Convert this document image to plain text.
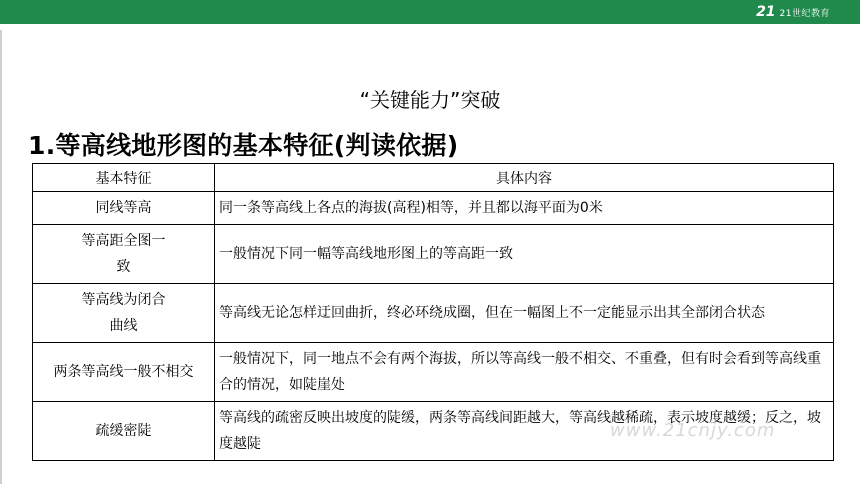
21 21世纪教育
“关键能力”突破
1.等高线地形图的基本特征(判读依据)
基本特征	具体内容
同线等高	同一条等高线上各点的海拔(高程)相等，并且都以海平面为0米
等高距全图一致	一般情况下同一幅等高线地形图上的等高距一致
等高线为闭合曲线	等高线无论怎样迂回曲折，终必环绕成圈，但在一幅图上不一定能显示出其全部闭合状态
两条等高线一般不相交	一般情况下，同一地点不会有两个海拔，所以等高线一般不相交、不重叠，但有时会看到等高线重合的情况，如陡崖处
疏缓密陡	等高线的疏密反映出坡度的陡缓，两条等高线间距越大，等高线越稀疏，表示坡度越缓；反之，坡度越陡
www.21cnjy.com
